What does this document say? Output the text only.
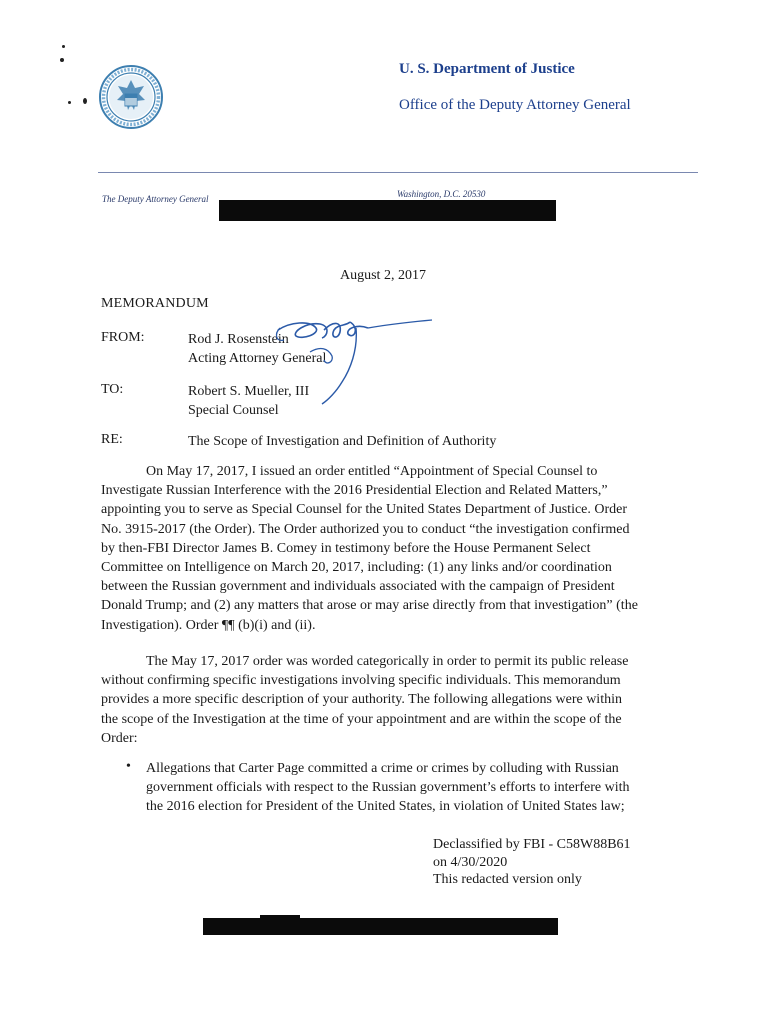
U. S. Department of Justice
Office of the Deputy Attorney General
The Deputy Attorney General	Washington, D.C. 20530
August 2, 2017
MEMORANDUM
FROM:	Rod J. Rosenstein
Acting Attorney General
TO:	Robert S. Mueller, III
Special Counsel
RE:	The Scope of Investigation and Definition of Authority
On May 17, 2017, I issued an order entitled “Appointment of Special Counsel to
Investigate Russian Interference with the 2016 Presidential Election and Related Matters,”
appointing you to serve as Special Counsel for the United States Department of Justice. Order
No. 3915-2017 (the Order). The Order authorized you to conduct “the investigation confirmed
by then-FBI Director James B. Comey in testimony before the House Permanent Select
Committee on Intelligence on March 20, 2017, including: (1) any links and/or coordination
between the Russian government and individuals associated with the campaign of President
Donald Trump; and (2) any matters that arose or may arise directly from that investigation” (the
Investigation). Order ¶¶ (b)(i) and (ii).
The May 17, 2017 order was worded categorically in order to permit its public release
without confirming specific investigations involving specific individuals. This memorandum
provides a more specific description of your authority. The following allegations were within
the scope of the Investigation at the time of your appointment and are within the scope of the
Order:
• Allegations that Carter Page committed a crime or crimes by colluding with Russian
government officials with respect to the Russian government’s efforts to interfere with
the 2016 election for President of the United States, in violation of United States law;
Declassified by FBI - C58W88B61
on 4/30/2020
This redacted version only
